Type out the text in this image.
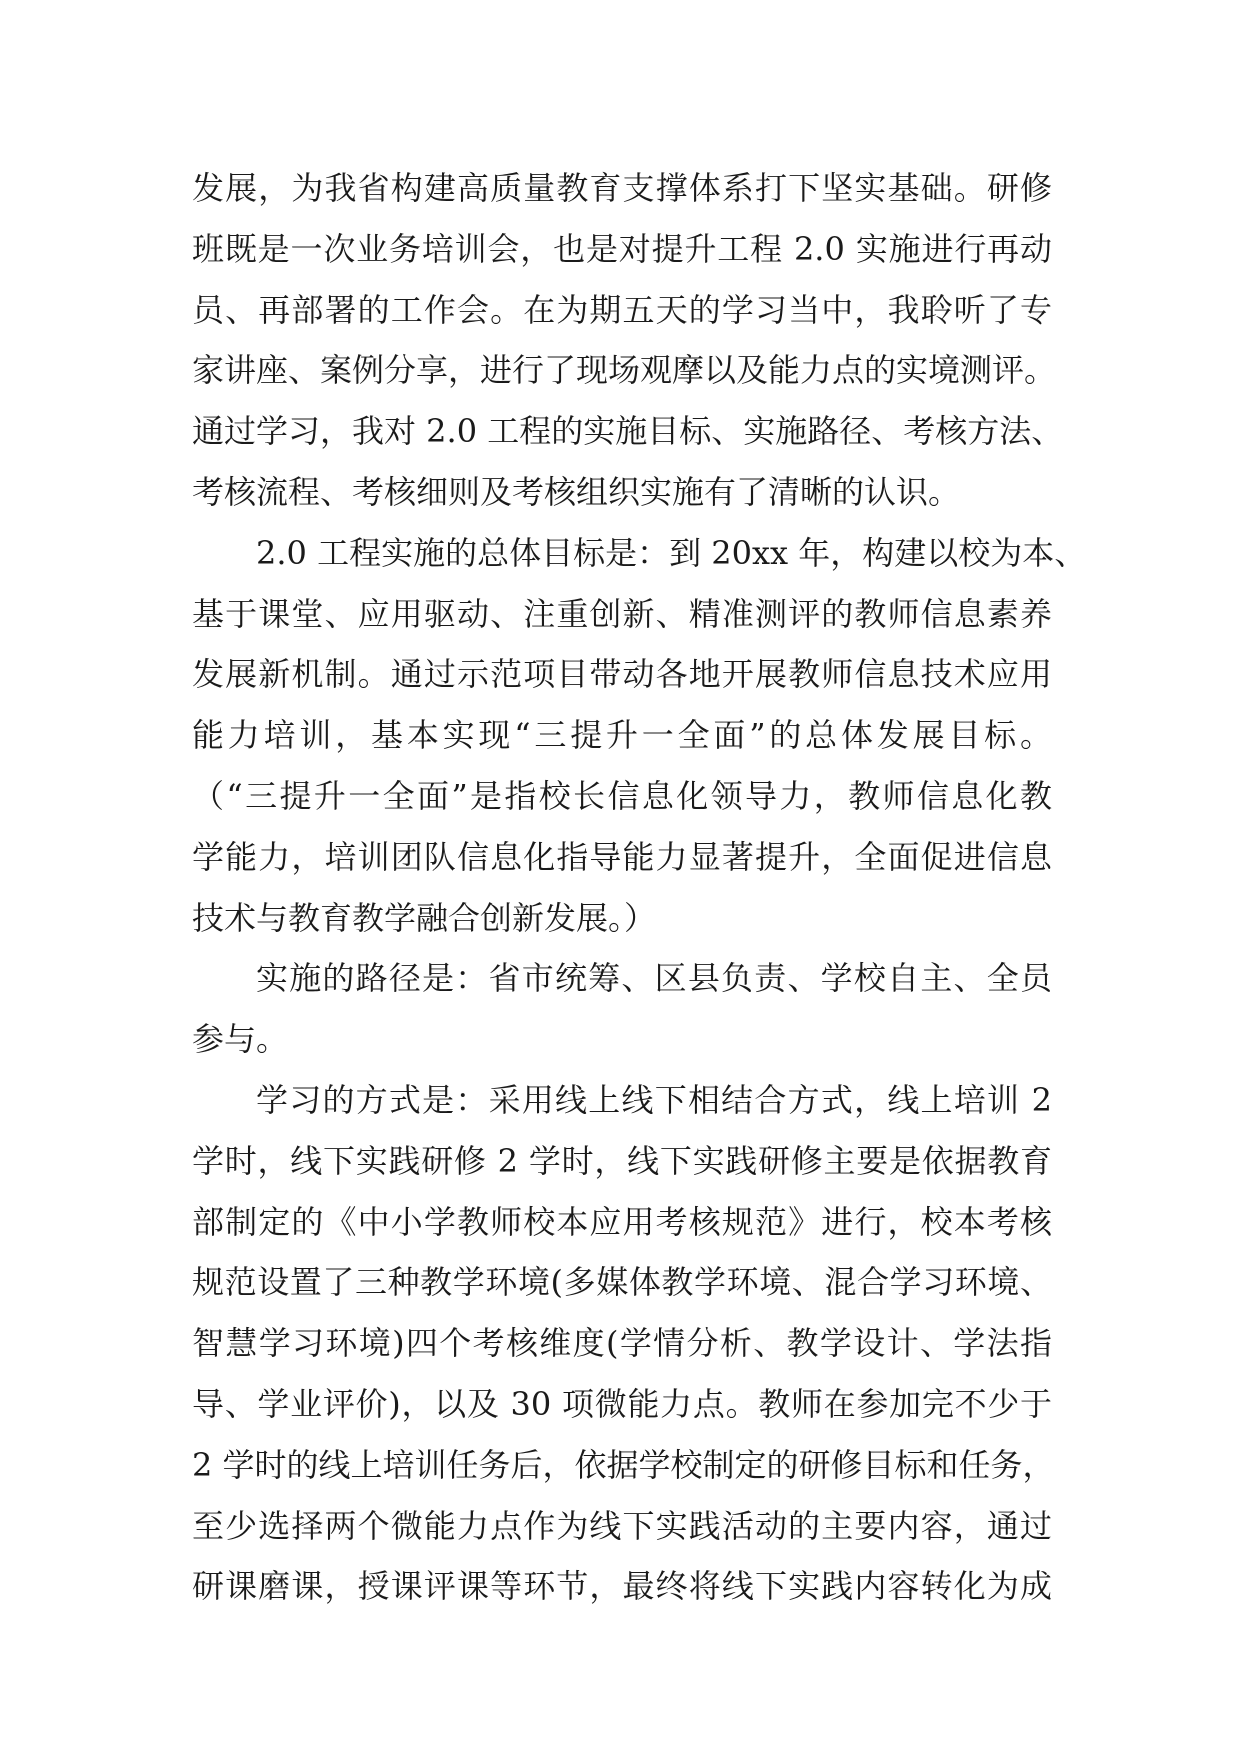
发展，为我省构建高质量教育支撑体系打下坚实基础。研修
班既是一次业务培训会，也是对提升工程 2.0 实施进行再动
员、再部署的工作会。在为期五天的学习当中，我聆听了专
家讲座、案例分享，进行了现场观摩以及能力点的实境测评。
通过学习，我对 2.0 工程的实施目标、实施路径、考核方法、
考核流程、考核细则及考核组织实施有了清晰的认识。
2.0 工程实施的总体目标是：到 20xx 年，构建以校为本、
基于课堂、应用驱动、注重创新、精准测评的教师信息素养
发展新机制。通过示范项目带动各地开展教师信息技术应用
能力培训，基本实现“三提升一全面”的总体发展目标。
（“三提升一全面”是指校长信息化领导力，教师信息化教
学能力，培训团队信息化指导能力显著提升，全面促进信息
技术与教育教学融合创新发展。）
实施的路径是：省市统筹、区县负责、学校自主、全员
参与。
学习的方式是：采用线上线下相结合方式，线上培训 2
学时，线下实践研修 2 学时，线下实践研修主要是依据教育
部制定的《中小学教师校本应用考核规范》进行，校本考核
规范设置了三种教学环境(多媒体教学环境、混合学习环境、
智慧学习环境)四个考核维度(学情分析、教学设计、学法指
导、学业评价)，以及 30 项微能力点。教师在参加完不少于
2 学时的线上培训任务后，依据学校制定的研修目标和任务，
至少选择两个微能力点作为线下实践活动的主要内容，通过
研课磨课，授课评课等环节，最终将线下实践内容转化为成
